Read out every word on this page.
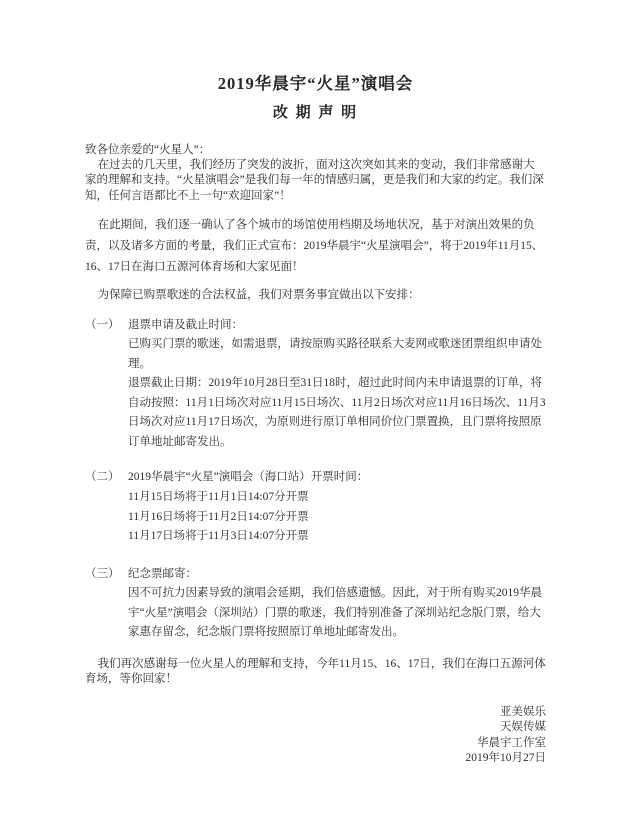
2019华晨宇“火星”演唱会
改 期 声 明
致各位亲爱的“火星人”：
在过去的几天里，我们经历了突发的波折，面对这次突如其来的变动，我们非常感谢大家的理解和支持。“火星演唱会”是我们每一年的情感归属，更是我们和大家的约定。我们深知，任何言语都比不上一句“欢迎回家”！
在此期间，我们逐一确认了各个城市的场馆使用档期及场地状况，基于对演出效果的负责，以及诸多方面的考量，我们正式宣布：2019华晨宇“火星演唱会”，将于2019年11月15、16、17日在海口五源河体育场和大家见面！
为保障已购票歌迷的合法权益，我们对票务事宜做出以下安排：
（一） 退票申请及截止时间：
已购买门票的歌迷，如需退票，请按原购买路径联系大麦网或歌迷团票组织申请处理。
退票截止日期：2019年10月28日至31日18时，超过此时间内未申请退票的订单，将自动按照：11月1日场次对应11月15日场次、11月2日场次对应11月16日场次、11月3日场次对应11月17日场次，为原则进行原订单相同价位门票置换，且门票将按照原订单地址邮寄发出。
（二） 2019华晨宇“火星”演唱会（海口站）开票时间：
11月15日场将于11月1日14:07分开票
11月16日场将于11月2日14:07分开票
11月17日场将于11月3日14:07分开票
（三） 纪念票邮寄：
因不可抗力因素导致的演唱会延期，我们倍感遗憾。因此，对于所有购买2019华晨宇“火星”演唱会（深圳站）门票的歌迷，我们特别准备了深圳站纪念版门票，给大家惠存留念，纪念版门票将按照原订单地址邮寄发出。
我们再次感谢每一位火星人的理解和支持，今年11月15、16、17日，我们在海口五源河体育场，等你回家！
亚美娱乐
天娱传媒
华晨宇工作室
2019年10月27日
